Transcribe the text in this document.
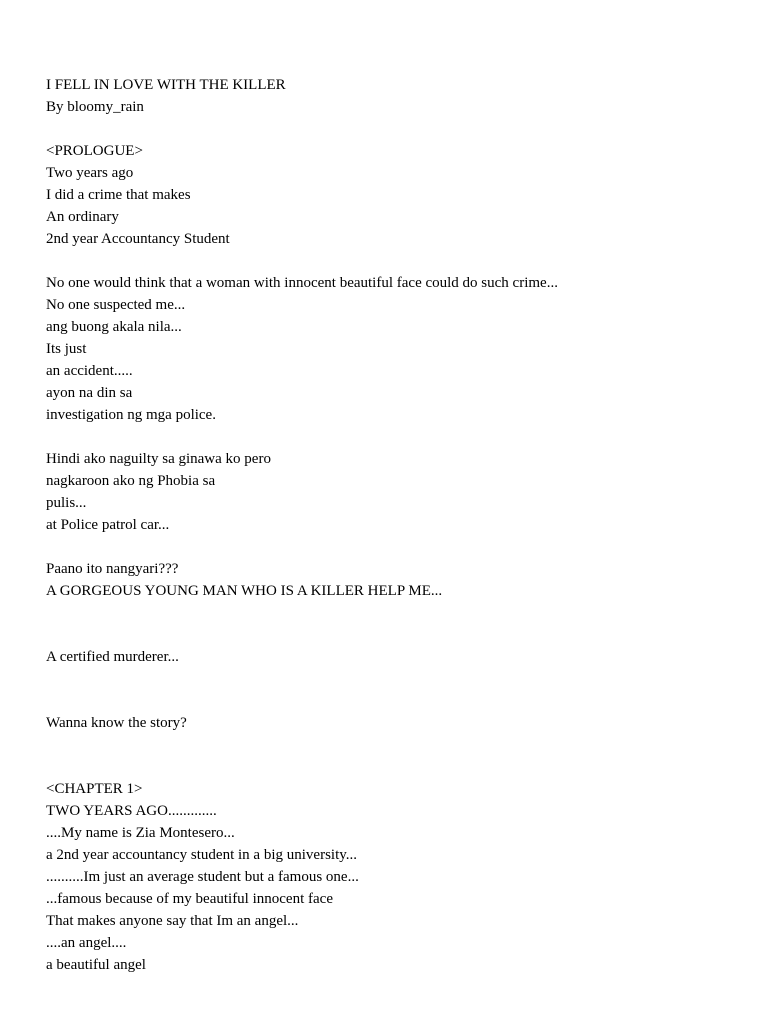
I FELL IN LOVE WITH THE KILLER
By bloomy_rain
<PROLOGUE>
Two years ago
I did a crime that makes
An ordinary
2nd year Accountancy Student
No one would think that a woman with innocent beautiful face could do such crime...
No one suspected me...
ang buong akala nila...
Its just
an accident.....
ayon na din sa
investigation ng mga police.
Hindi ako naguilty sa ginawa ko pero
nagkaroon ako ng Phobia sa
pulis...
at Police patrol car...
Paano ito nangyari???
A GORGEOUS YOUNG MAN WHO IS A KILLER HELP ME...
A certified murderer...
Wanna know the story?
<CHAPTER 1>
TWO YEARS AGO.............
....My name is Zia Montesero...
a 2nd year accountancy student in a big university...
..........Im just an average student but a famous one...
...famous because of my beautiful innocent face
That makes anyone say that Im an angel...
....an angel....
a beautiful angel
